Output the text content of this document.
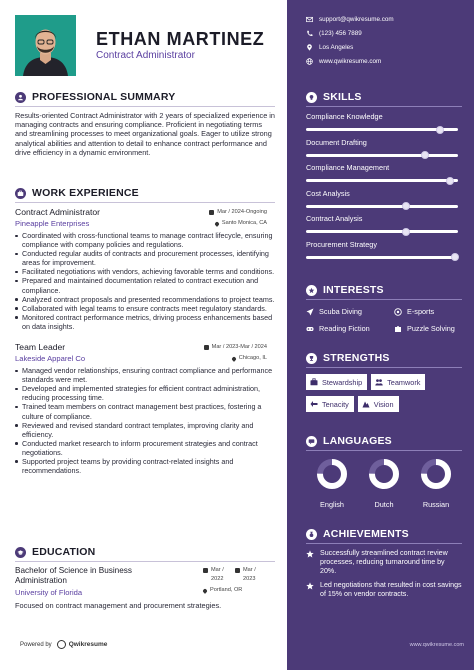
ETHAN MARTINEZ
Contract Administrator
PROFESSIONAL SUMMARY

Results-oriented Contract Administrator with 2 years of specialized experience in managing contracts and ensuring compliance. Proficient in negotiating terms and streamlining processes to meet organizational goals. Eager to utilize strong analytical abilities and attention to detail to enhance contract performance and drive efficiency in a dynamic environment.

WORK EXPERIENCE
Contract Administrator
Pineapple Enterprises
Mar / 2024-Ongoing
Santo Monica, CA
Coordinated with cross-functional teams to manage contract lifecycle, ensuring compliance with company policies and regulations.
Conducted regular audits of contracts and procurement processes, identifying areas for improvement.
Facilitated negotiations with vendors, achieving favorable terms and conditions.
Prepared and maintained documentation related to contract execution and compliance.
Analyzed contract proposals and presented recommendations to project teams.
Collaborated with legal teams to ensure contracts meet regulatory standards.
Monitored contract performance metrics, driving process enhancements based on data insights.
Team Leader
Lakeside Apparel Co
Mar / 2023-Mar / 2024
Chicago, IL
Managed vendor relationships, ensuring contract compliance and performance standards were met.
Developed and implemented strategies for efficient contract administration, reducing processing time.
Trained team members on contract management best practices, fostering a culture of compliance.
Reviewed and revised standard contract templates, improving clarity and efficiency.
Conducted market research to inform procurement strategies and contract negotiations.
Supported project teams by providing contract-related insights and recommendations.
EDUCATION
Bachelor of Science in Business Administration
University of Florida
Mar / 2022
Mar / 2023
Portland, OR
Focused on contract management and procurement strategies.
Powered by	Qwikresume
support@qwikresume.com
(123) 456 7889
Los Angeles
www.qwikresume.com
SKILLS
Compliance Knowledge
Document Drafting
Compliance Management
Cost Analysis
Contract Analysis
Procurement Strategy
INTERESTS
Scuba Diving	E-sports
Reading Fiction	Puzzle Solving
STRENGTHS
Stewardship	Teamwork
Tenacity	Vision
LANGUAGES
English	Dutch	Russian
ACHIEVEMENTS
Successfully streamlined contract review processes, reducing turnaround time by 20%.
Led negotiations that resulted in cost savings of 15% on vendor contracts.
www.qwikresume.com
